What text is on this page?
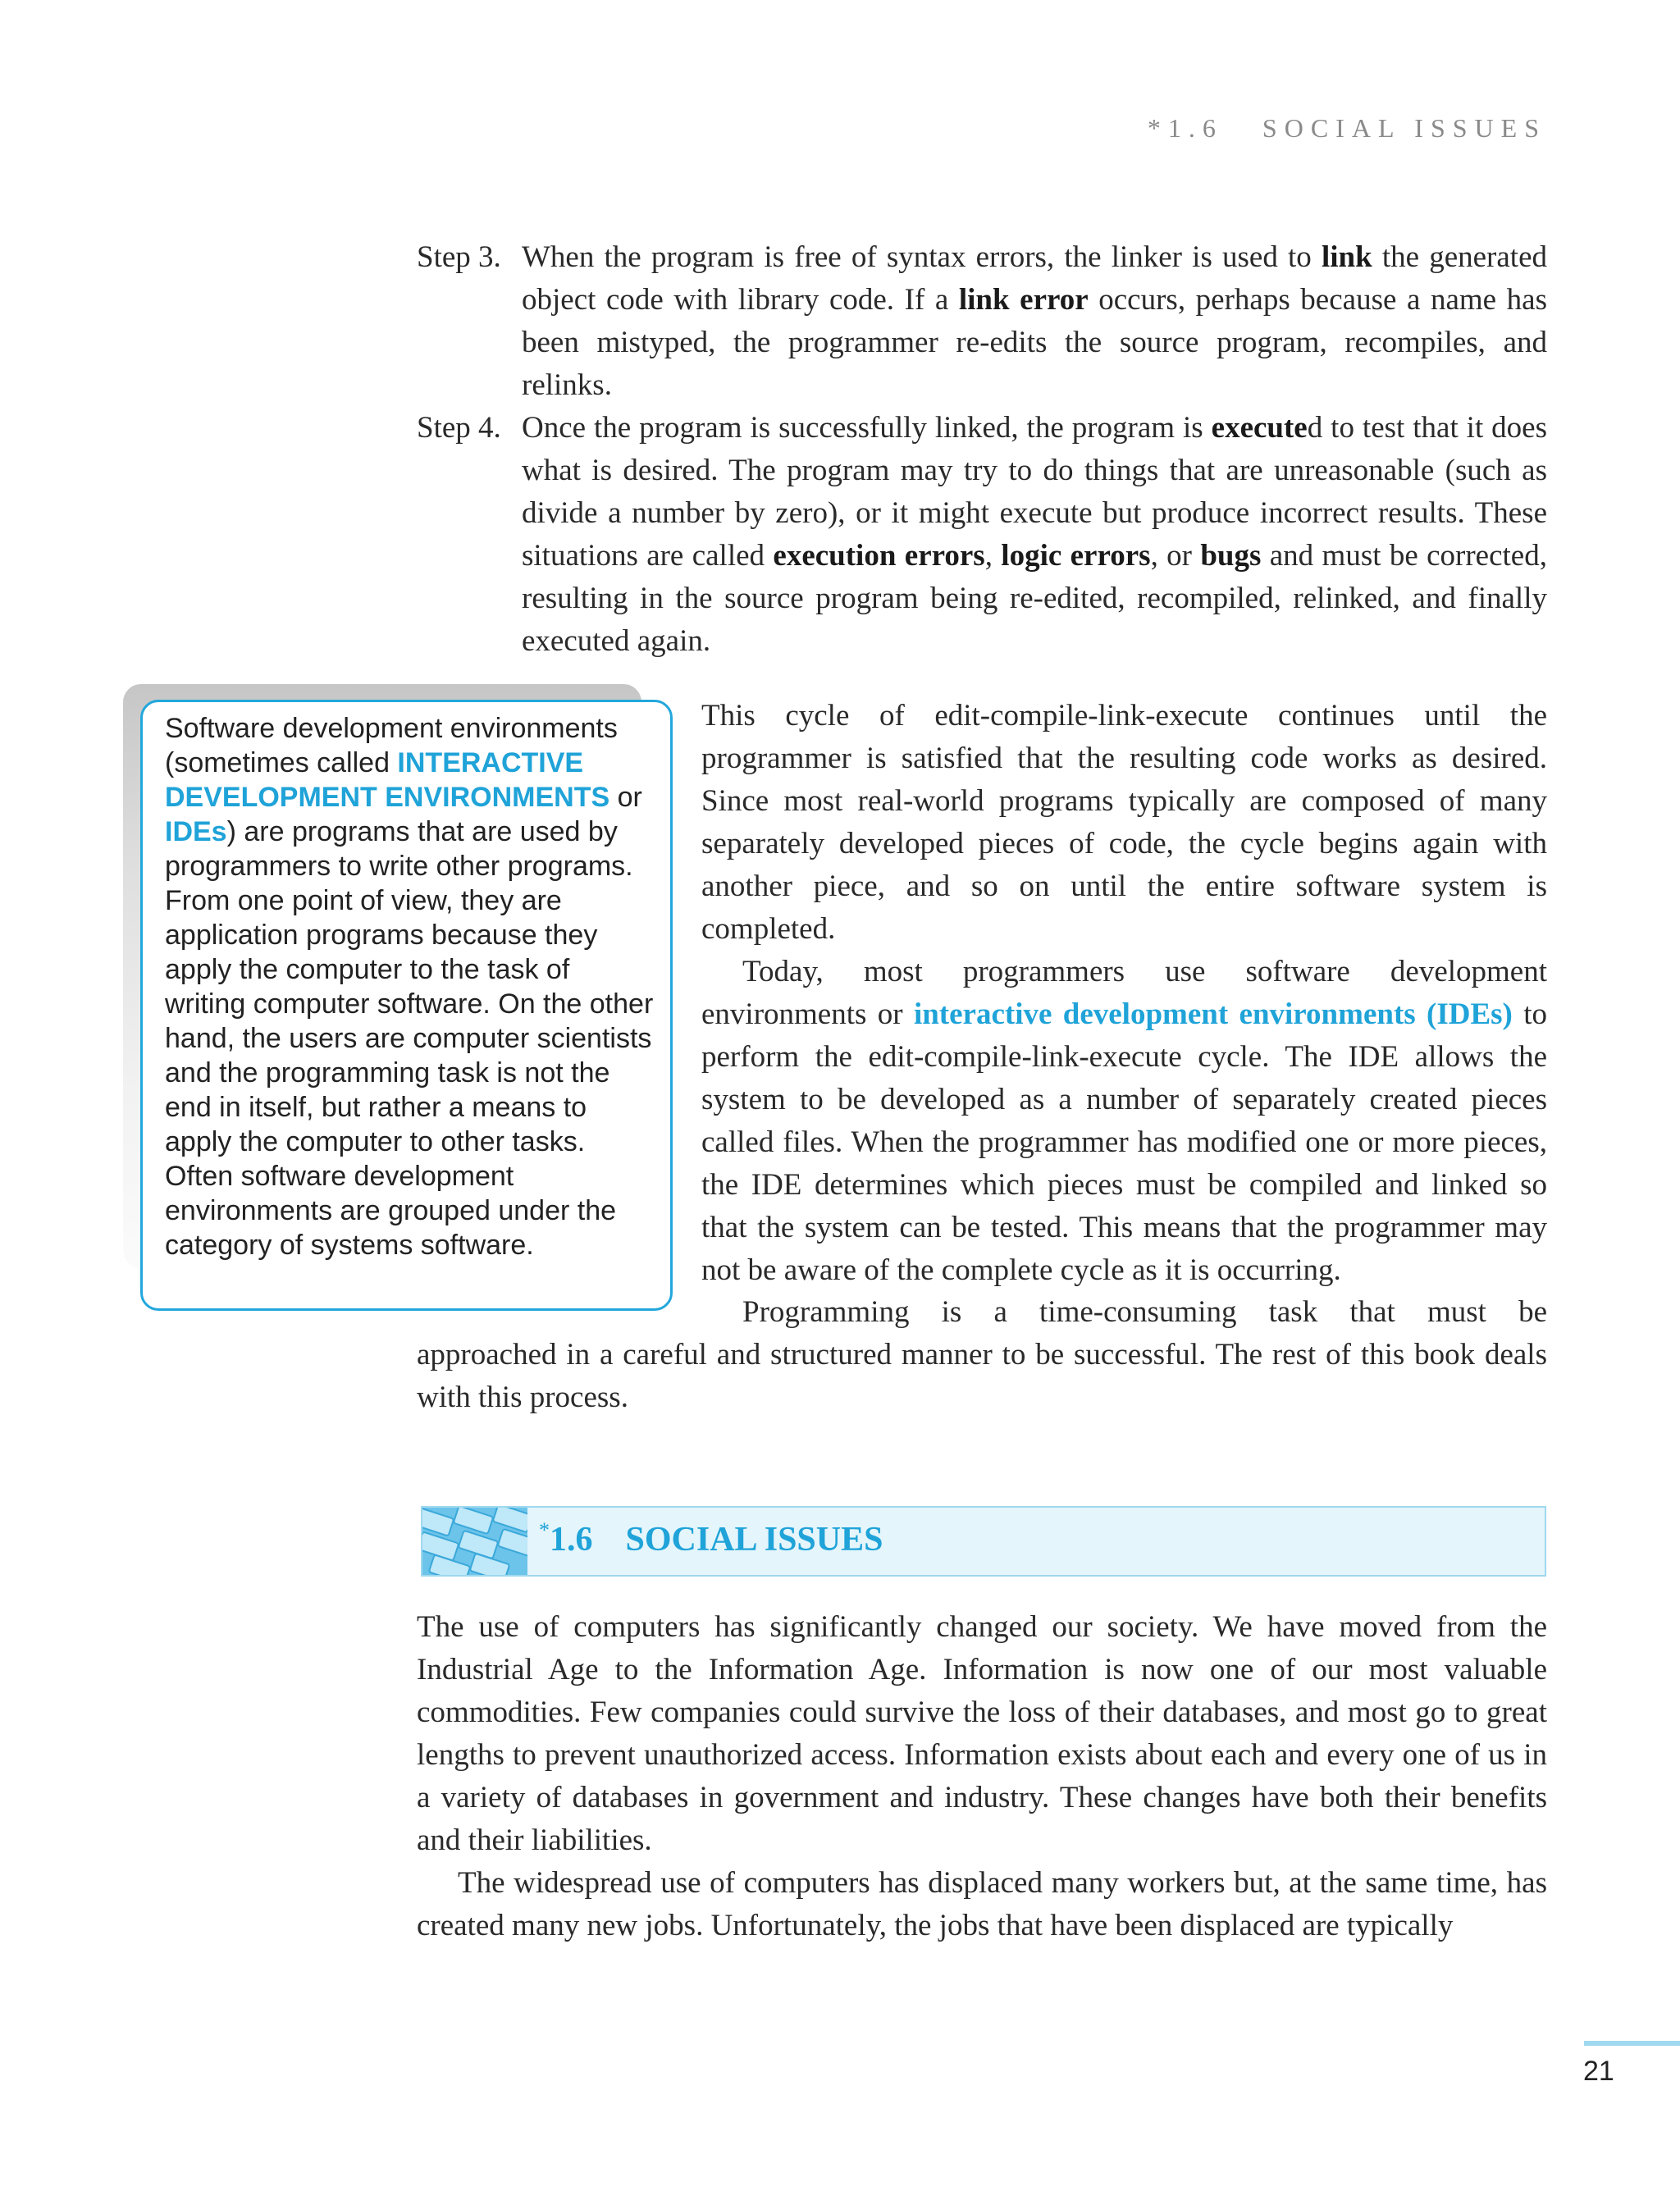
*1.6 SOCIAL ISSUES
Step 3. When the program is free of syntax errors, the linker is used to link the generated object code with library code. If a link error occurs, perhaps because a name has been mistyped, the programmer re-edits the source program, recompiles, and relinks.
Step 4. Once the program is successfully linked, the program is executed to test that it does what is desired. The program may try to do things that are unreasonable (such as divide a number by zero), or it might execute but produce incorrect results. These situations are called execution errors, logic errors, or bugs and must be corrected, resulting in the source program being re-edited, recompiled, relinked, and finally executed again.
Software development environments (sometimes called INTERACTIVE DEVELOPMENT ENVIRONMENTS or IDEs) are programs that are used by programmers to write other programs. From one point of view, they are application programs because they apply the computer to the task of writing computer software. On the other hand, the users are computer scientists and the programming task is not the end in itself, but rather a means to apply the computer to other tasks. Often software development environments are grouped under the category of systems software.
This cycle of edit-compile-link-execute continues until the programmer is satisfied that the resulting code works as desired. Since most real-world programs typically are composed of many separately developed pieces of code, the cycle begins again with another piece, and so on until the entire software system is completed.
Today, most programmers use software development environments or interactive development environments (IDEs) to perform the edit-compile-link-execute cycle. The IDE allows the system to be developed as a number of separately created pieces called files. When the programmer has modified one or more pieces, the IDE determines which pieces must be compiled and linked so that the system can be tested. This means that the programmer may not be aware of the complete cycle as it is occurring.
Programming is a time-consuming task that must be
approached in a careful and structured manner to be successful. The rest of this book deals with this process.
*1.6 SOCIAL ISSUES
The use of computers has significantly changed our society. We have moved from the Industrial Age to the Information Age. Information is now one of our most valuable commodities. Few companies could survive the loss of their databases, and most go to great lengths to prevent unauthorized access. Information exists about each and every one of us in a variety of databases in government and industry. These changes have both their benefits and their liabilities.
The widespread use of computers has displaced many workers but, at the same time, has created many new jobs. Unfortunately, the jobs that have been displaced are typically
21
